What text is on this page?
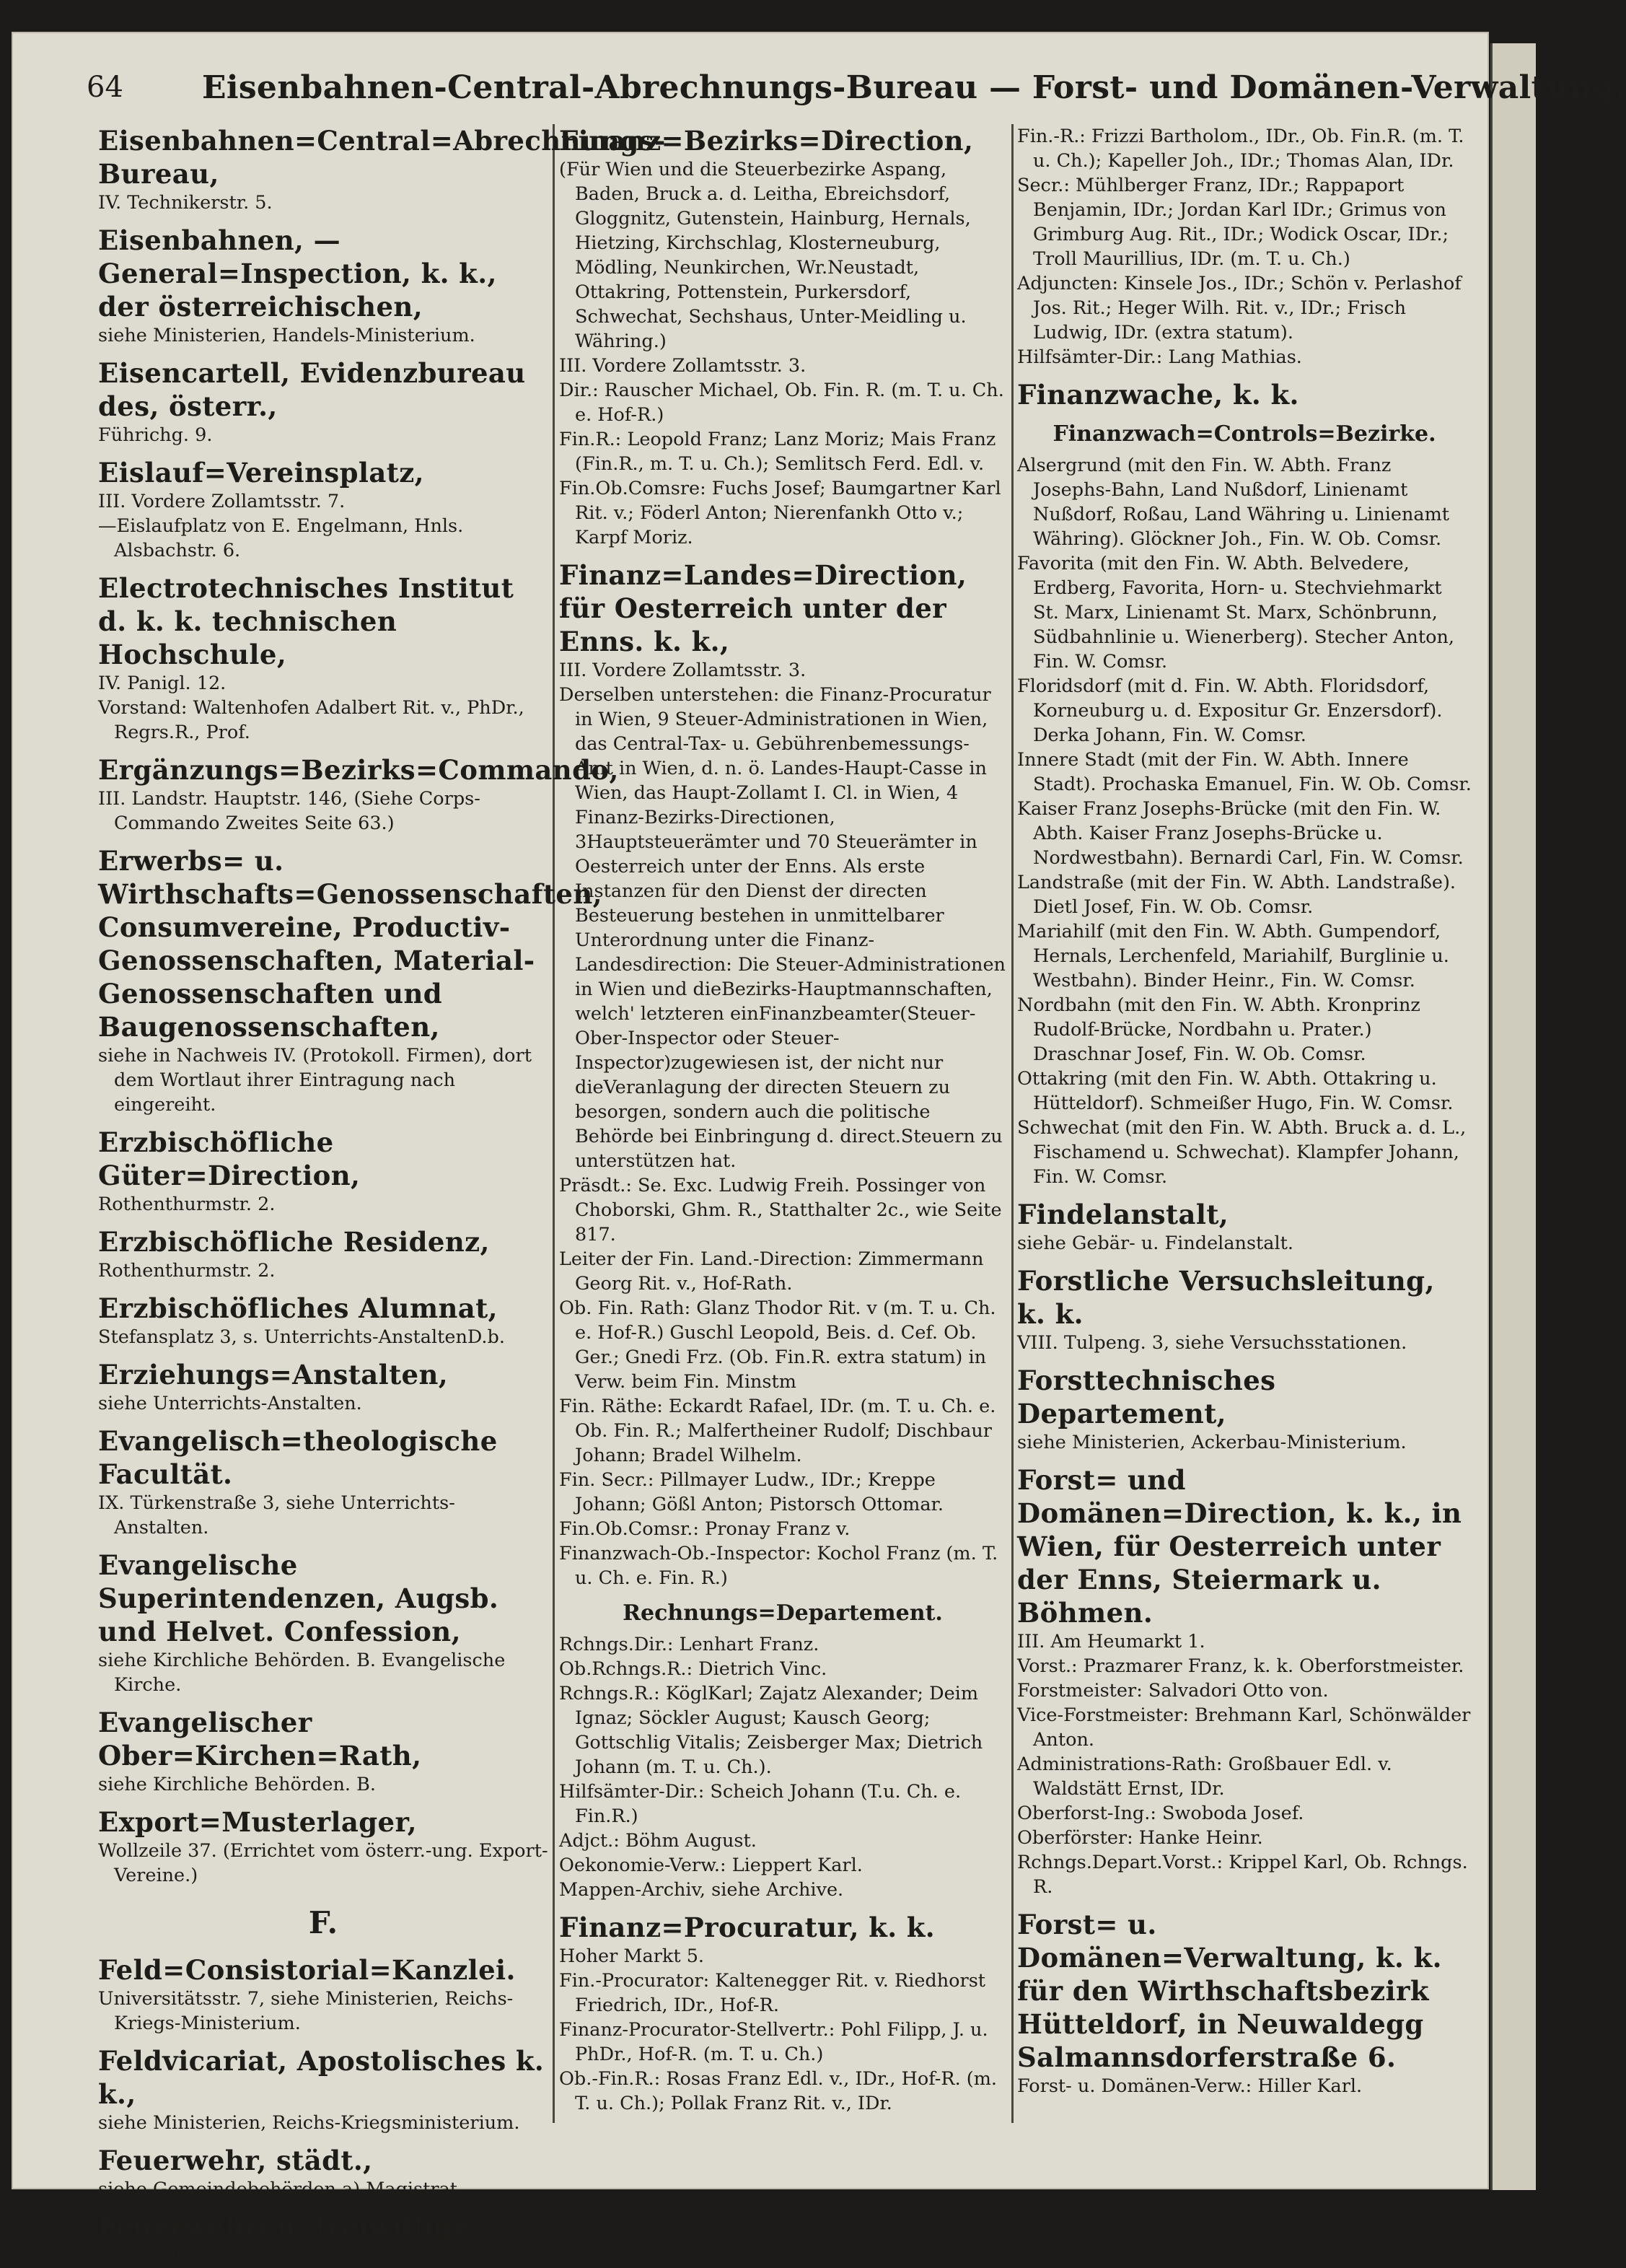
64 Eisenbahnen-Central-Abrechnungs-Bureau — Forst- und Domänen-Verwaltung.
Eisenbahnen=Central=Abrechnungs-Bureau,
IV. Technikerstr. 5.
Eisenbahnen, — General=Inspection, k. k., der österreichischen,
siehe Ministerien, Handels-Ministerium.
Eisencartell, Evidenzbureau des, österr.,
Führichg. 9.
Eislauf=Vereinsplatz,
III. Vordere Zollamtsstr. 7.
—Eislaufplatz von E. Engelmann, Hnls. Alsbachstr. 6.
Electrotechnisches Institut d. k. k. technischen Hochschule,
IV. Panigl. 12.
Vorstand: Waltenhofen Adalbert Rit. v., PhDr., Regrs.R., Prof.
Ergänzungs=Bezirks=Commando,
III. Landstr. Hauptstr. 146, (Siehe Corps-Commando Zweites Seite 63.)
Erwerbs= u. Wirthschafts=Genossenschaften, Consumvereine, Productiv-Genossenschaften, Material-Genossenschaften und Baugenossenschaften,
siehe in Nachweis IV. (Protokoll. Firmen), dort dem Wortlaut ihrer Eintragung nach eingereiht.
Erzbischöfliche Güter=Direction,
Rothenthurmstr. 2.
Erzbischöfliche Residenz,
Rothenthurmstr. 2.
Erzbischöfliches Alumnat,
Stefansplatz 3, s. Unterrichts-AnstaltenD.b.
Erziehungs=Anstalten,
siehe Unterrichts-Anstalten.
Evangelisch=theologische Facultät.
IX. Türkenstraße 3, siehe Unterrichts-Anstalten.
Evangelische Superintendenzen, Augsb. und Helvet. Confession,
siehe Kirchliche Behörden. B. Evangelische Kirche.
Evangelischer Ober=Kirchen=Rath,
siehe Kirchliche Behörden. B.
Export=Musterlager,
Wollzeile 37. (Errichtet vom österr.-ung. Export-Vereine.)
F.
Feld=Consistorial=Kanzlei.
Universitätsstr. 7, siehe Ministerien, Reichs-Kriegs-Ministerium.
Feldvicariat, Apostolisches k. k.,
siehe Ministerien, Reichs-Kriegsministerium.
Feuerwehr, städt.,
siehe Gemeindebehörden a) Magistrat.
Feuerwehren, freiwillige,
siehe unter Vereine.
Finanz=Bezirks=Direction,
(Für Wien und die Steuerbezirke Aspang, Baden, Bruck a. d. Leitha, Ebreichsdorf, Gloggnitz, Gutenstein, Hainburg, Hernals, Hietzing, Kirchschlag, Klosterneuburg, Mödling, Neunkirchen, Wr.Neustadt, Ottakring, Pottenstein, Purkersdorf, Schwechat, Sechshaus, Unter-Meidling u. Währing.)
III. Vordere Zollamtsstr. 3.
Dir.: Rauscher Michael, Ob. Fin. R. (m. T. u. Ch. e. Hof-R.)
Fin.R.: Leopold Franz; Lanz Moriz; Mais Franz (Fin.R., m. T. u. Ch.); Semlitsch Ferd. Edl. v.
Fin.Ob.Comsre: Fuchs Josef; Baumgartner Karl Rit. v.; Föderl Anton; Nierenfankh Otto v.; Karpf Moriz.
Finanz=Landes=Direction, für Oesterreich unter der Enns. k. k.,
III. Vordere Zollamtsstr. 3.
Derselben unterstehen: die Finanz-Procuratur in Wien, 9 Steuer-Administrationen in Wien, das Central-Tax- u. Gebührenbemessungs-Amt in Wien, d. n. ö. Landes-Haupt-Casse in Wien, das Haupt-Zollamt I. Cl. in Wien, 4 Finanz-Bezirks-Directionen, 3Hauptsteuerämter und 70 Steuerämter in Oesterreich unter der Enns. Als erste Instanzen für den Dienst der directen Besteuerung bestehen in unmittelbarer Unterordnung unter die Finanz-Landesdirection: Die Steuer-Administrationen in Wien und dieBezirks-Hauptmannschaften, welch' letzteren einFinanzbeamter(Steuer-Ober-Inspector oder Steuer-Inspector)zugewiesen ist, der nicht nur dieVeranlagung der directen Steuern zu besorgen, sondern auch die politische Behörde bei Einbringung d. direct.Steuern zu unterstützen hat.
Präsdt.: Se. Exc. Ludwig Freih. Possinger von Choborski, Ghm. R., Statthalter 2c., wie Seite 817.
Leiter der Fin. Land.-Direction: Zimmermann Georg Rit. v., Hof-Rath.
Ob. Fin. Rath: Glanz Thodor Rit. v (m. T. u. Ch. e. Hof-R.) Guschl Leopold, Beis. d. Cef. Ob. Ger.; Gnedi Frz. (Ob. Fin.R. extra statum) in Verw. beim Fin. Minstm
Fin. Räthe: Eckardt Rafael, IDr. (m. T. u. Ch. e. Ob. Fin. R.; Malfertheiner Rudolf; Dischbaur Johann; Bradel Wilhelm.
Fin. Secr.: Pillmayer Ludw., IDr.; Kreppe Johann; Gößl Anton; Pistorsch Ottomar.
Fin.Ob.Comsr.: Pronay Franz v.
Finanzwach-Ob.-Inspector: Kochol Franz (m. T. u. Ch. e. Fin. R.)
Rechnungs=Departement.
Rchngs.Dir.: Lenhart Franz.
Ob.Rchngs.R.: Dietrich Vinc.
Rchngs.R.: KöglKarl; Zajatz Alexander; Deim Ignaz; Söckler August; Kausch Georg; Gottschlig Vitalis; Zeisberger Max; Dietrich Johann (m. T. u. Ch.).
Hilfsämter-Dir.: Scheich Johann (T.u. Ch. e. Fin.R.)
Adjct.: Böhm August.
Oekonomie-Verw.: Lieppert Karl.
Mappen-Archiv, siehe Archive.
Finanz=Procuratur, k. k.
Hoher Markt 5.
Fin.-Procurator: Kaltenegger Rit. v. Riedhorst Friedrich, IDr., Hof-R.
Finanz-Procurator-Stellvertr.: Pohl Filipp, J. u. PhDr., Hof-R. (m. T. u. Ch.)
Ob.-Fin.R.: Rosas Franz Edl. v., IDr., Hof-R. (m. T. u. Ch.); Pollak Franz Rit. v., IDr.
Fin.-R.: Frizzi Bartholom., IDr., Ob. Fin.R. (m. T. u. Ch.); Kapeller Joh., IDr.; Thomas Alan, IDr.
Secr.: Mühlberger Franz, IDr.; Rappaport Benjamin, IDr.; Jordan Karl IDr.; Grimus von Grimburg Aug. Rit., IDr.; Wodick Oscar, IDr.; Troll Maurillius, IDr. (m. T. u. Ch.)
Adjuncten: Kinsele Jos., IDr.; Schön v. Perlashof Jos. Rit.; Heger Wilh. Rit. v., IDr.; Frisch Ludwig, IDr. (extra statum).
Hilfsämter-Dir.: Lang Mathias.
Finanzwache, k. k.
Finanzwach=Controls=Bezirke.
Alsergrund (mit den Fin. W. Abth. Franz Josephs-Bahn, Land Nußdorf, Linienamt Nußdorf, Roßau, Land Währing u. Linienamt Währing). Glöckner Joh., Fin. W. Ob. Comsr.
Favorita (mit den Fin. W. Abth. Belvedere, Erdberg, Favorita, Horn- u. Stechviehmarkt St. Marx, Linienamt St. Marx, Schönbrunn, Südbahnlinie u. Wienerberg). Stecher Anton, Fin. W. Comsr.
Floridsdorf (mit d. Fin. W. Abth. Floridsdorf, Korneuburg u. d. Expositur Gr. Enzersdorf). Derka Johann, Fin. W. Comsr.
Innere Stadt (mit der Fin. W. Abth. Innere Stadt). Prochaska Emanuel, Fin. W. Ob. Comsr.
Kaiser Franz Josephs-Brücke (mit den Fin. W. Abth. Kaiser Franz Josephs-Brücke u. Nordwestbahn). Bernardi Carl, Fin. W. Comsr.
Landstraße (mit der Fin. W. Abth. Landstraße). Dietl Josef, Fin. W. Ob. Comsr.
Mariahilf (mit den Fin. W. Abth. Gumpendorf, Hernals, Lerchenfeld, Mariahilf, Burglinie u. Westbahn). Binder Heinr., Fin. W. Comsr.
Nordbahn (mit den Fin. W. Abth. Kronprinz Rudolf-Brücke, Nordbahn u. Prater.) Draschnar Josef, Fin. W. Ob. Comsr.
Ottakring (mit den Fin. W. Abth. Ottakring u. Hütteldorf). Schmeißer Hugo, Fin. W. Comsr.
Schwechat (mit den Fin. W. Abth. Bruck a. d. L., Fischamend u. Schwechat). Klampfer Johann, Fin. W. Comsr.
Findelanstalt,
siehe Gebär- u. Findelanstalt.
Forstliche Versuchsleitung, k. k.
VIII. Tulpeng. 3, siehe Versuchsstationen.
Forsttechnisches Departement,
siehe Ministerien, Ackerbau-Ministerium.
Forst= und Domänen=Direction, k. k., in Wien, für Oesterreich unter der Enns, Steiermark u. Böhmen.
III. Am Heumarkt 1.
Vorst.: Prazmarer Franz, k. k. Oberforstmeister.
Forstmeister: Salvadori Otto von.
Vice-Forstmeister: Brehmann Karl, Schönwälder Anton.
Administrations-Rath: Großbauer Edl. v. Waldstätt Ernst, IDr.
Oberforst-Ing.: Swoboda Josef.
Oberförster: Hanke Heinr.
Rchngs.Depart.Vorst.: Krippel Karl, Ob. Rchngs. R.
Forst= u. Domänen=Verwaltung, k. k. für den Wirthschaftsbezirk Hütteldorf, in Neuwaldegg Salmannsdorferstraße 6.
Forst- u. Domänen-Verw.: Hiller Karl.
